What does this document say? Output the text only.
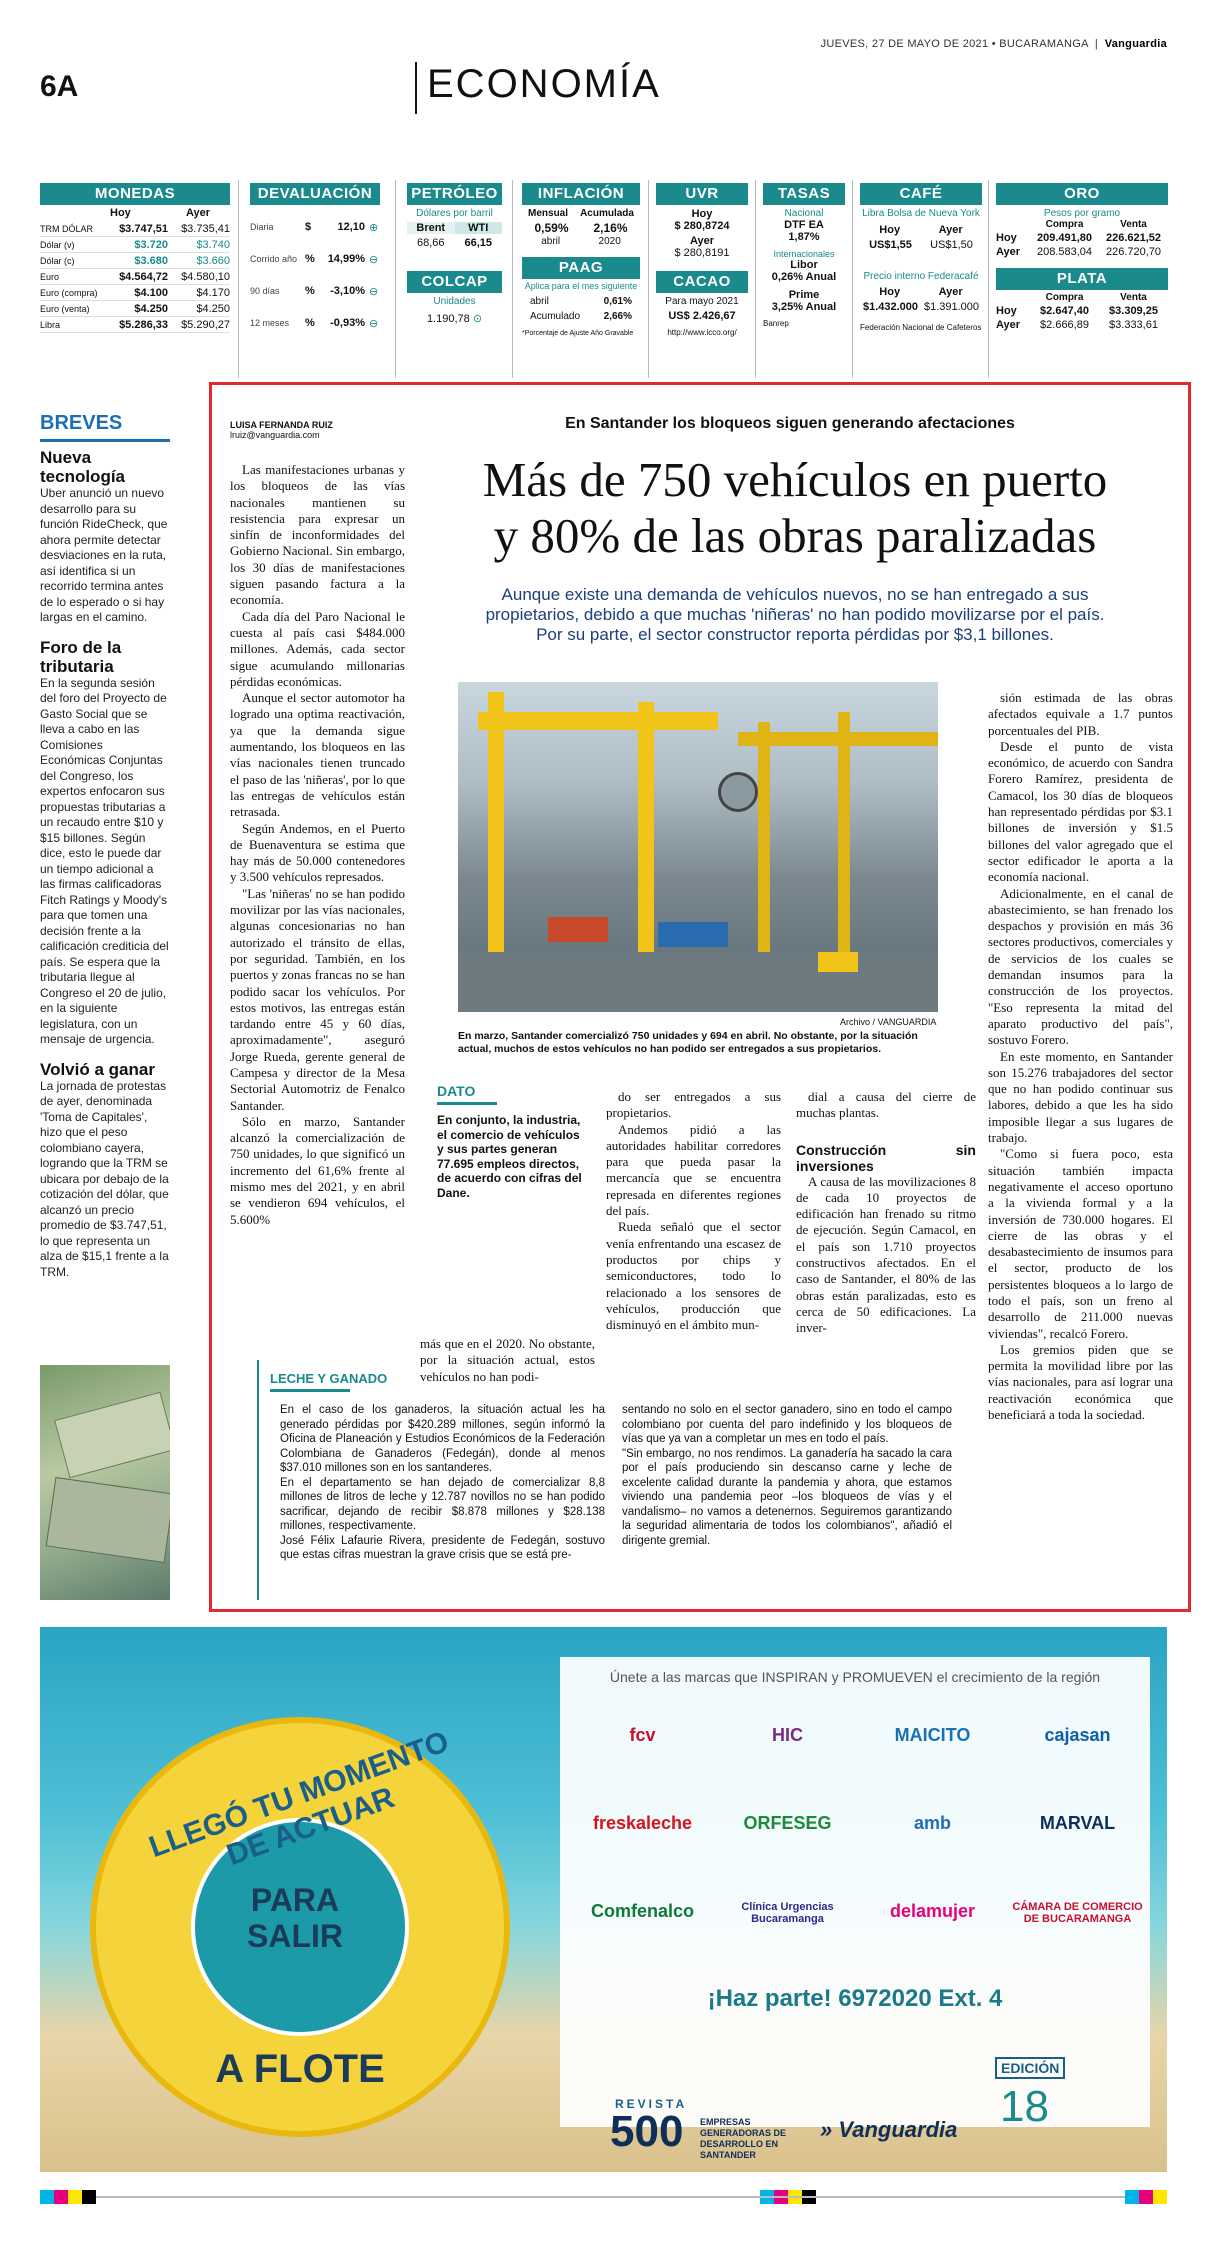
JUEVES, 27 DE MAYO DE 2021 • BUCARAMANGA  |  Vanguardia
6A	ECONOMÍA
MONEDAS
Hoy	Ayer
TRM DÓLAR	$3.747,51 $3.735,41
Dólar (v)	$3.720	$3.740
Dólar (c)	$3.680	$3.660
Euro	$4.564,72 $4.580,10
Euro (compra)	$4.100	$4.170
Euro (venta)	$4.250	$4.250
Libra	$5.286,33 $5.290,27
DEVALUACIÓN
Diaria	$	12,10 ⊕
Corrido año %	14,99% ⊖
90 días	%	-3,10% ⊖
12 meses	%	-0,93% ⊖
PETRÓLEO
Dólares por barril
Brent	WTI
68,66	66,15
COLCAP
Unidades
1.190,78 ⊙
INFLACIÓN
Mensual Acumulada
0,59% 2,16%
abril	2020
PAAG
Aplica para el mes siguiente
abril	0,61%
Acumulado 2,66%
*Porcentaje de Ajuste Año Gravable
UVR
Hoy
$ 280,8724
Ayer
$ 280,8191
CACAO
Para mayo 2021
US$ 2.426,67
http://www.icco.org/
TASAS
Nacional
DTF EA
1,87%
Internacionales
Libor
0,26% Anual
Prime
3,25% Anual
Banrep
CAFÉ
Libra Bolsa de Nueva York
Hoy	Ayer
US$1,55 US$1,50
Precio interno Federacafé
Hoy	Ayer
$1.432.000 $1.391.000
Federación Nacional de Cafeteros
ORO
Pesos por gramo
Compra	Venta
Hoy	209.491,80	226.621,52
Ayer	208.583,04	226.720,70
PLATA
Compra	Venta
Hoy	$2.647,40	$3.309,25
Ayer	$2.666,89	$3.333,61
BREVES
Nueva tecnología
Uber anunció un nuevo desarrollo para su función RideCheck, que ahora permite detectar desviaciones en la ruta, así identifica si un recorrido termina antes de lo esperado o si hay largas en el camino.
Foro de la tributaria
En la segunda sesión del foro del Proyecto de Gasto Social que se lleva a cabo en las Comisiones Económicas Conjuntas del Congreso, los expertos enfocaron sus propuestas tributarias a un recaudo entre $10 y $15 billones. Según dice, esto le puede dar un tiempo adicional a las firmas calificadoras Fitch Ratings y Moody's para que tomen una decisión frente a la calificación crediticia del país. Se espera que la tributaria llegue al Congreso el 20 de julio, en la siguiente legislatura, con un mensaje de urgencia.
Volvió a ganar
La jornada de protestas de ayer, denominada 'Toma de Capitales', hizo que el peso colombiano cayera, logrando que la TRM se ubicara por debajo de la cotización del dólar, que alcanzó un precio promedio de $3.747,51, lo que representa un alza de $15,1 frente a la TRM.
LUISA FERNANDA RUIZ
lruiz@vanguardia.com
En Santander los bloqueos siguen generando afectaciones
Más de 750 vehículos en puerto
y 80% de las obras paralizadas
Aunque existe una demanda de vehículos nuevos, no se han entregado a sus propietarios, debido a que muchas 'niñeras' no han podido movilizarse por el país. Por su parte, el sector constructor reporta pérdidas por $3,1 billones.

Las manifestaciones urbanas y los bloqueos de las vías nacionales mantienen su resistencia para expresar un sinfín de inconformidades del Gobierno Nacional. Sin embargo, los 30 días de manifestaciones siguen pasando factura a la economía.

Cada día del Paro Nacional le cuesta al país casi $484.000 millones. Además, cada sector sigue acumulando millonarias pérdidas económicas.

Aunque el sector automotor ha logrado una optima reactivación, ya que la demanda sigue aumentando, los bloqueos en las vías nacionales tienen truncado el paso de las 'niñeras', por lo que las entregas de vehículos están retrasada.

Según Andemos, en el Puerto de Buenaventura se estima que hay más de 50.000 contenedores y 3.500 vehículos represados.

"Las 'niñeras' no se han podido movilizar por las vías nacionales, algunas concesionarias no han autorizado el tránsito de ellas, por seguridad. También, en los puertos y zonas francas no se han podido sacar los vehículos. Por estos motivos, las entregas están tardando entre 45 y 60 días, aproximadamente", aseguró Jorge Rueda, gerente general de Campesa y director de la Mesa Sectorial Automotriz de Fenalco Santander.

Sólo en marzo, Santander alcanzó la comercialización de 750 unidades, lo que significó un incremento del 61,6% frente al mismo mes del 2021, y en abril se vendieron 694 vehículos, el 5.600%

Archivo / VANGUARDIA
En marzo, Santander comercializó 750 unidades y 694 en abril. No obstante, por la situación actual, muchos de estos vehículos no han podido ser entregados a sus propietarios.
DATO
En conjunto, la industria, el comercio de vehículos y sus partes generan 77.695 empleos directos, de acuerdo con cifras del Dane.

más que en el 2020. No obstante, por la situación actual, estos vehículos no han podi-

do ser entregados a sus propietarios.

Andemos pidió a las autoridades habilitar corredores para que pueda pasar la mercancía que se encuentra represada en diferentes regiones del país.

Rueda señaló que el sector venía enfrentando una escasez de productos por chips y semiconductores, todo lo relacionado a los sensores de vehículos, producción que disminuyó en el ámbito mun-

dial a causa del cierre de muchas plantas.

Construcción sin inversiones

A causa de las movilizaciones 8 de cada 10 proyectos de edificación han frenado su ritmo de ejecución. Según Camacol, en el país son 1.710 proyectos constructivos afectados. En el caso de Santander, el 80% de las obras están paralizadas, esto es cerca de 50 edificaciones. La inver-

sión estimada de las obras afectados equivale a 1.7 puntos porcentuales del PIB.

Desde el punto de vista económico, de acuerdo con Sandra Forero Ramírez, presidenta de Camacol, los 30 días de bloqueos han representado pérdidas por $3.1 billones de inversión y $1.5 billones del valor agregado que el sector edificador le aporta a la economía nacional.

Adicionalmente, en el canal de abastecimiento, se han frenado los despachos y provisión en más 36 sectores productivos, comerciales y de servicios de los cuales se demandan insumos para la construcción de los proyectos. "Eso representa la mitad del aparato productivo del país", sostuvo Forero.

En este momento, en Santander son 15.276 trabajadores del sector que no han podido continuar sus labores, debido a que les ha sido imposible llegar a sus lugares de trabajo.

"Como si fuera poco, esta situación también impacta negativamente el acceso oportuno a la vivienda formal y a la inversión de 730.000 hogares. El cierre de las obras y el desabastecimiento de insumos para el sector, producto de los persistentes bloqueos a lo largo de todo el país, son un freno al desarrollo de 211.000 nuevas viviendas", recalcó Forero.

Los gremios piden que se permita la movilidad libre por las vías nacionales, para así lograr una reactivación económica que beneficiará a toda la sociedad.

LECHE Y GANADO

En el caso de los ganaderos, la situación actual les ha generado pérdidas por $420.289 millones, según informó la Oficina de Planeación y Estudios Económicos de la Federación Colombiana de Ganaderos (Fedegán), donde al menos $37.010 millones son en los santanderes.

En el departamento se han dejado de comercializar 8,8 millones de litros de leche y 12.787 novillos no se han podido sacrificar, dejando de recibir $8.878 millones y $28.138 millones, respectivamente.

José Félix Lafaurie Rivera, presidente de Fedegán, sostuvo que estas cifras muestran la grave crisis que se está pre-

sentando no solo en el sector ganadero, sino en todo el campo colombiano por cuenta del paro indefinido y los bloqueos de vías que ya van a completar un mes en todo el país.

"Sin embargo, no nos rendimos. La ganadería ha sacado la cara por el país produciendo sin descanso carne y leche de excelente calidad durante la pandemia y ahora, que estamos viviendo una pandemia peor –los bloqueos de vías y el vandalismo– no vamos a detenernos. Seguiremos garantizando la seguridad alimentaria de todos los colombianos", añadió el dirigente gremial.

LLEGÓ TU MOMENTO DE ACTUAR
PARA SALIR
A FLOTE
Únete a las marcas que INSPIRAN y PROMUEVEN el crecimiento de la región
fcv	HIC	MAICITO	cajasan
freskaleche	ORFESEG	amb	MARVAL
Comfenalco	Clínica Urgencias Bucaramanga	delamujer	CÁMARA DE COMERCIO DE BUCARAMANGA
¡Haz parte! 6972020 Ext. 4
REVISTA
500 EMPRESAS GENERADORAS DE DESARROLLO EN SANTANDER
» Vanguardia
EDICIÓN
18
